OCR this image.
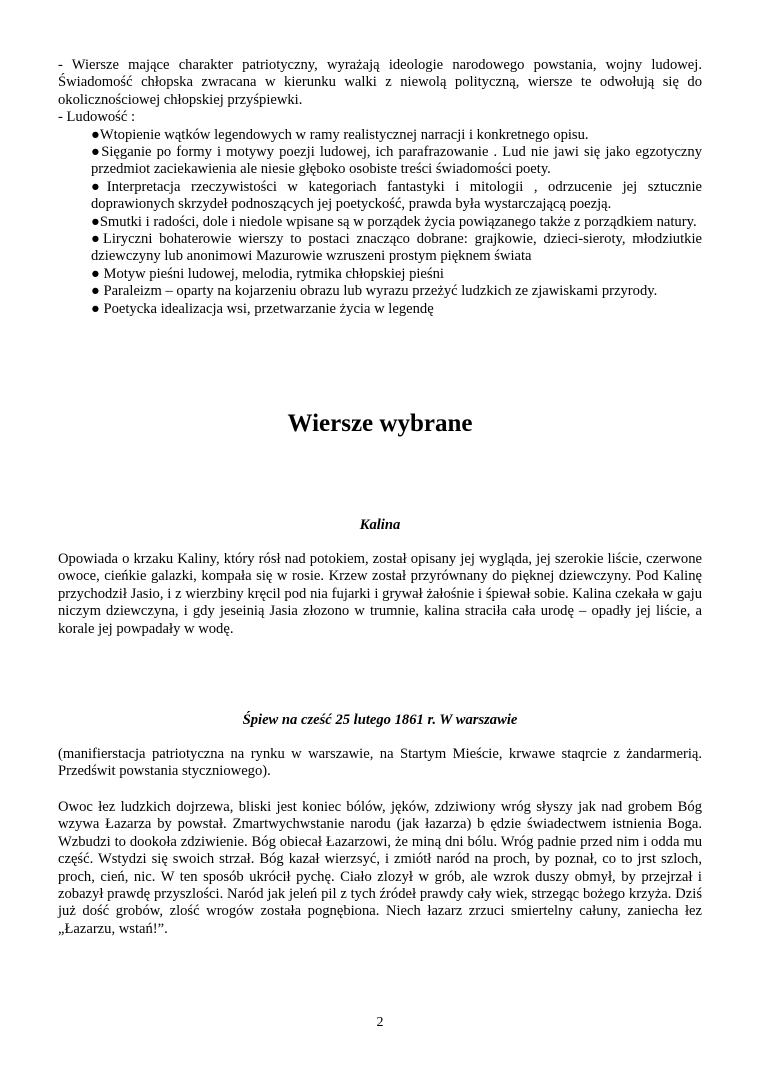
- Wiersze mające charakter patriotyczny, wyrażają ideologie narodowego powstania, wojny ludowej. Świadomość chłopska zwracana w kierunku walki z niewolą polityczną, wiersze te odwołują się do okolicznościowej chłopskiej przyśpiewki.

- Ludowość :

●Wtopienie wątków legendowych w ramy realistycznej narracji i konkretnego opisu.
●Sięganie po formy i motywy poezji ludowej, ich parafrazowanie . Lud nie jawi się jako egzotyczny przedmiot zaciekawienia ale niesie głęboko osobiste treści świadomości poety.
●Interpretacja rzeczywistości w kategoriach fantastyki i mitologii , odrzucenie jej sztucznie doprawionych skrzydeł podnoszących jej poetyckość, prawda była wystarczającą poezją.
●Smutki i radości, dole i niedole wpisane są w porządek życia powiązanego także z porządkiem natury.
●Liryczni bohaterowie wierszy to postaci znacząco dobrane: grajkowie, dzieci-sieroty, młodziutkie dziewczyny lub anonimowi Mazurowie wzruszeni prostym pięknem świata
● Motyw pieśni ludowej, melodia, rytmika chłopskiej pieśni
● Paraleizm – oparty na kojarzeniu obrazu lub wyrazu przeżyć ludzkich ze zjawiskami przyrody.
● Poetycka idealizacja wsi, przetwarzanie życia w legendę
Wiersze wybrane
Kalina

Opowiada o krzaku Kaliny, który rósł nad potokiem, został opisany jej wygląda, jej szerokie liście, czerwone owoce, cieńkie galazki, kompała się w rosie. Krzew został przyrównany do pięknej dziewczyny. Pod Kalinę przychodził Jasio, i z wierzbiny kręcil pod nia fujarki i grywał żałośnie i śpiewał sobie. Kalina czekała w gaju niczym dziewczyna, i gdy jeseinią Jasia złozono w trumnie, kalina straciła cała urodę – opadły jej liście, a korale jej powpadały w wodę.

Śpiew na cześć 25 lutego 1861 r. W warszawie

(manifierstacja patriotyczna na rynku w warszawie, na Startym Mieście, krwawe staqrcie z żandarmerią. Przedświt powstania styczniowego).

Owoc łez ludzkich dojrzewa, bliski jest koniec bólów, jęków, zdziwiony wróg słyszy jak nad grobem Bóg wzywa Łazarza by powstał. Zmartwychwstanie narodu (jak łazarza) b ędzie świadectwem istnienia Boga. Wzbudzi to dookoła zdziwienie. Bóg obiecał Łazarzowi, że miną dni bólu. Wróg padnie przed nim i odda mu część. Wstydzi się swoich strzał. Bóg kazał wierzsyć, i zmiótł naród na proch, by poznał, co to jrst szloch, proch, cień, nic. W ten sposób ukrócił pychę. Ciało zlozył w grób, ale wzrok duszy obmył, by przejrzał i zobazył prawdę przyszlości. Naród jak jeleń pil z tych źródeł prawdy cały wiek, strzegąc bożego krzyża. Dziś już dość grobów, zlość wrogów została pognębiona. Niech łazarz zrzuci smiertelny całuny, zaniecha łez „Łazarzu, wstań!”.

2
